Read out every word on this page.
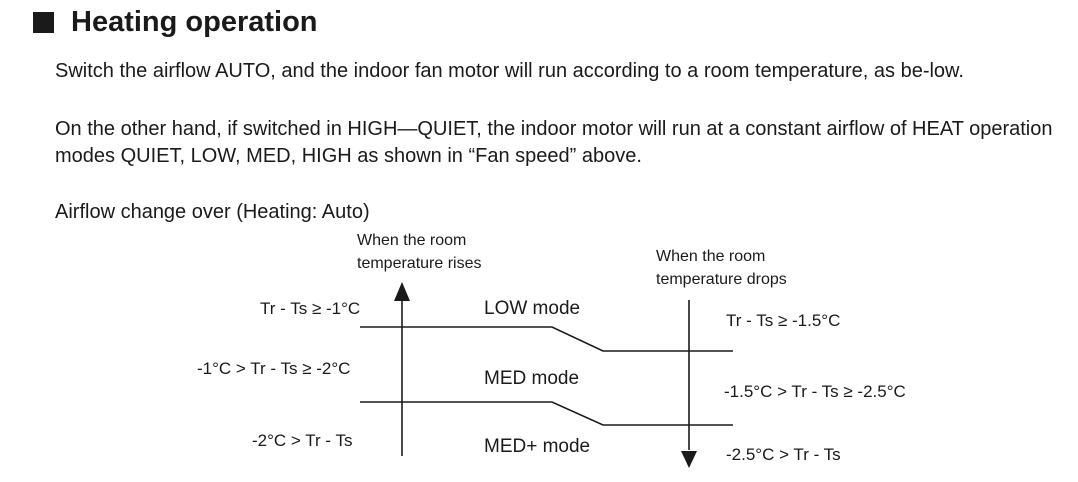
Heating operation

Switch the airflow AUTO, and the indoor fan motor will run according to a room temperature, as be-low.

On the other hand, if switched in HIGH—QUIET, the indoor motor will run at a constant airflow of HEAT operation modes QUIET, LOW, MED, HIGH as shown in “Fan speed” above.

Airflow change over (Heating: Auto)
When the room
temperature rises	When the room
temperature drops
Tr - Ts ≥ -1°C
-1°C > Tr - Ts ≥ -2°C
-2°C > Tr - Ts
LOW mode
MED mode
MED+ mode
Tr - Ts ≥ -1.5°C
-1.5°C > Tr - Ts ≥ -2.5°C
-2.5°C > Tr - Ts
